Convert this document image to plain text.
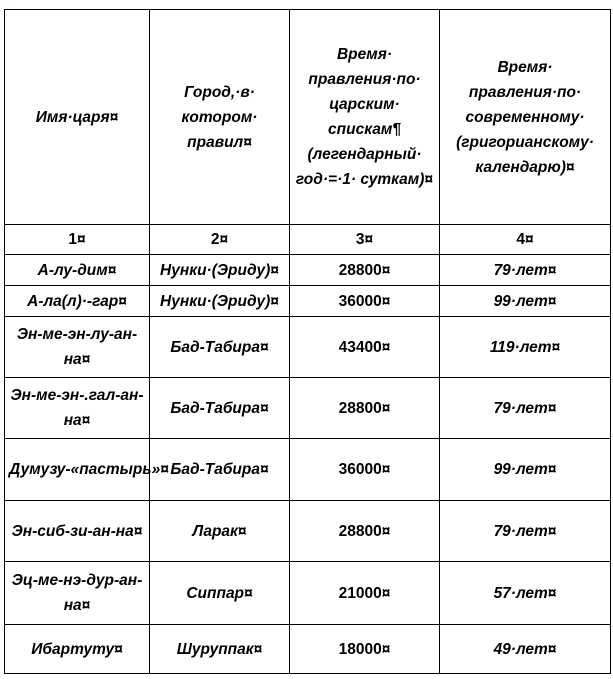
· ·
Имя·царя¤	Город,·в· котором· правил¤	Время· правления·по· царским· спискам¶ (легендарный· год·=·1· суткам)¤	Время· правления·по· современному· (григорианскому· календарю)¤
1¤	2¤	3¤	4¤
А-лу-дим¤	Нунки·(Эриду)¤	28800¤	79·лет¤
А-ла(л)·-гар¤	Нунки·(Эриду)¤	36000¤	99·лет¤
Эн-ме-эн-лу-ан-на¤	Бад-Табира¤	43400¤	119·лет¤
Эн-ме-эн-.гал-ан-на¤	Бад-Табира¤	28800¤	79·лет¤
Думузу-«пастырь»¤	Бад-Табира¤	36000¤	99·лет¤
Эн-сиб-зи-ан-на¤	Ларак¤	28800¤	79·лет¤
Эц-ме-нэ-дур-ан-на¤	Сиппар¤	21000¤	57·лет¤
Ибартуту¤	Шуруппак¤	18000¤	49·лет¤
